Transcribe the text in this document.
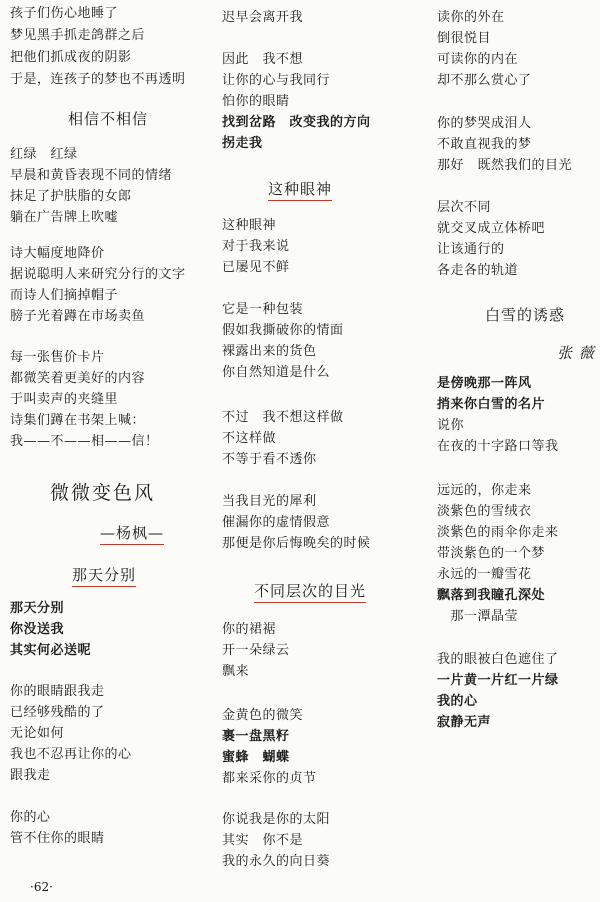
孩子们伤心地睡了
梦见黑手抓走鸽群之后
把他们抓成夜的阴影
于是，连孩子的梦也不再透明
相信不相信
红绿　红绿
早晨和黄昏表现不同的情绪
抹足了护肤脂的女郎
躺在广告牌上吹嘘
诗大幅度地降价
据说聪明人来研究分行的文字
而诗人们摘掉帽子
膀子光着蹲在市场卖鱼
每一张售价卡片
都微笑着更美好的内容
于叫卖声的夹缝里
诗集们蹲在书架上喊：
我——不——相——信！
微微变色风
—杨枫—
那天分别
那天分别
你没送我
其实何必送呢
你的眼睛跟我走
已经够残酷的了
无论如何
我也不忍再让你的心
跟我走
你的心
管不住你的眼睛
·62·
迟早会离开我
因此　我不想
让你的心与我同行
怕你的眼睛
找到岔路　改变我的方向
拐走我
这种眼神
这种眼神
对于我来说
已屡见不鲜
它是一种包装
假如我撕破你的情面
裸露出来的货色
你自然知道是什么
不过　我不想这样做
不这样做
不等于看不透你
当我目光的犀利
催漏你的虚情假意
那便是你后悔晚矣的时候
不同层次的目光
你的裙裾
开一朵绿云
飘来
金黄色的微笑
裹一盘黑籽
蜜蜂　蝴蝶
都来采你的贞节
你说我是你的太阳
其实　你不是
我的永久的向日葵
读你的外在
倒很悦目
可读你的内在
却不那么赏心了
你的梦哭成泪人
不敢直视我的梦
那好　既然我们的目光
层次不同
就交叉成立体桥吧
让该通行的
各走各的轨道
白雪的诱惑
张 薇
是傍晚那一阵风
捎来你白雪的名片
说你
在夜的十字路口等我
远远的，你走来
淡紫色的雪绒衣
淡紫色的雨伞你走来
带淡紫色的一个梦
永远的一瓣雪花
飘落到我瞳孔深处
　那一潭晶莹
我的眼被白色遮住了
一片黄一片红一片绿
我的心
寂静无声
